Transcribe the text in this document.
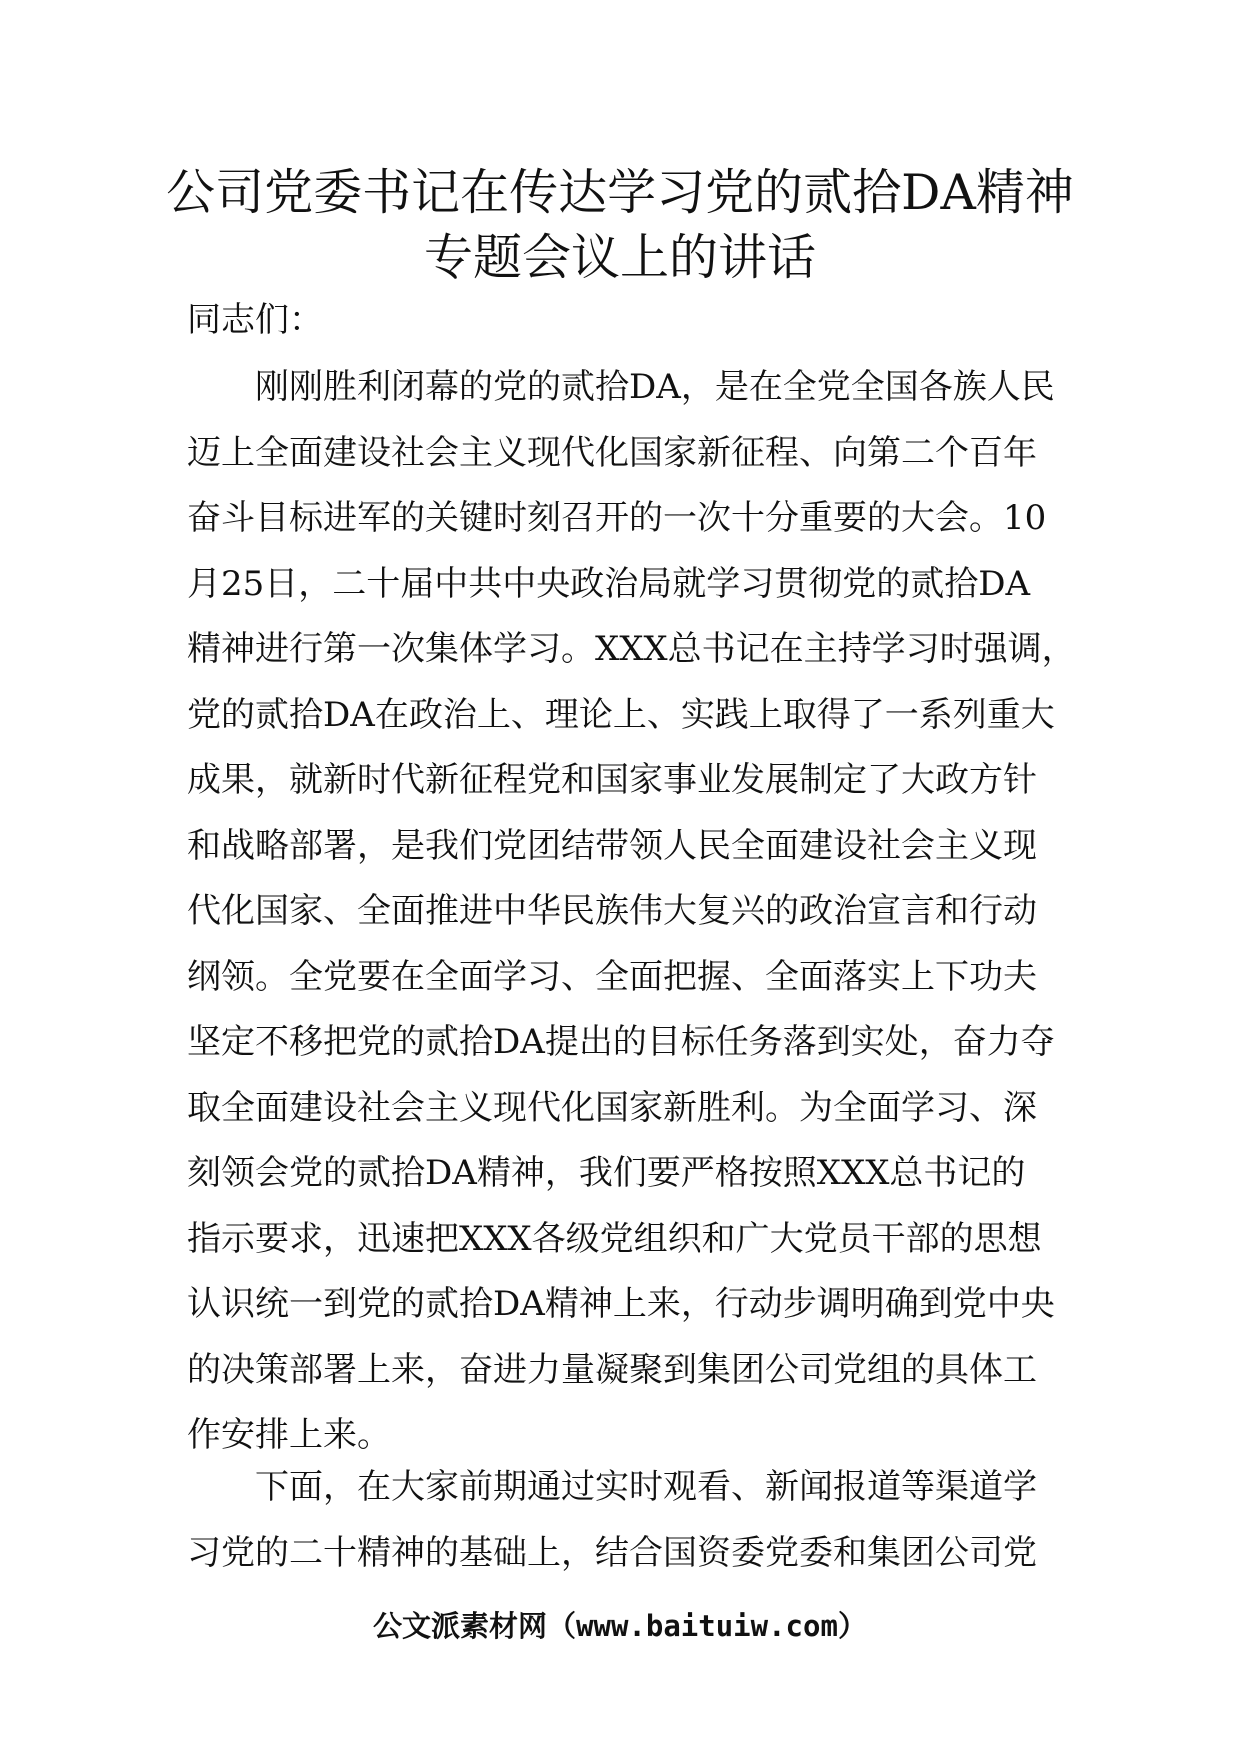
公司党委书记在传达学习党的贰拾DA精神
专题会议上的讲话
同志们：
刚刚胜利闭幕的党的贰拾DA，是在全党全国各族人民
迈上全面建设社会主义现代化国家新征程、向第二个百年
奋斗目标进军的关键时刻召开的一次十分重要的大会。10
月25日，二十届中共中央政治局就学习贯彻党的贰拾DA
精神进行第一次集体学习。XXX总书记在主持学习时强调，
党的贰拾DA在政治上、理论上、实践上取得了一系列重大
成果，就新时代新征程党和国家事业发展制定了大政方针
和战略部署，是我们党团结带领人民全面建设社会主义现
代化国家、全面推进中华民族伟大复兴的政治宣言和行动
纲领。全党要在全面学习、全面把握、全面落实上下功夫
坚定不移把党的贰拾DA提出的目标任务落到实处，奋力夺
取全面建设社会主义现代化国家新胜利。为全面学习、深
刻领会党的贰拾DA精神，我们要严格按照XXX总书记的
指示要求，迅速把XXX各级党组织和广大党员干部的思想
认识统一到党的贰拾DA精神上来，行动步调明确到党中央
的决策部署上来，奋进力量凝聚到集团公司党组的具体工
作安排上来。
下面，在大家前期通过实时观看、新闻报道等渠道学
习党的二十精神的基础上，结合国资委党委和集团公司党
公文派素材网（www.baituiw.com）
